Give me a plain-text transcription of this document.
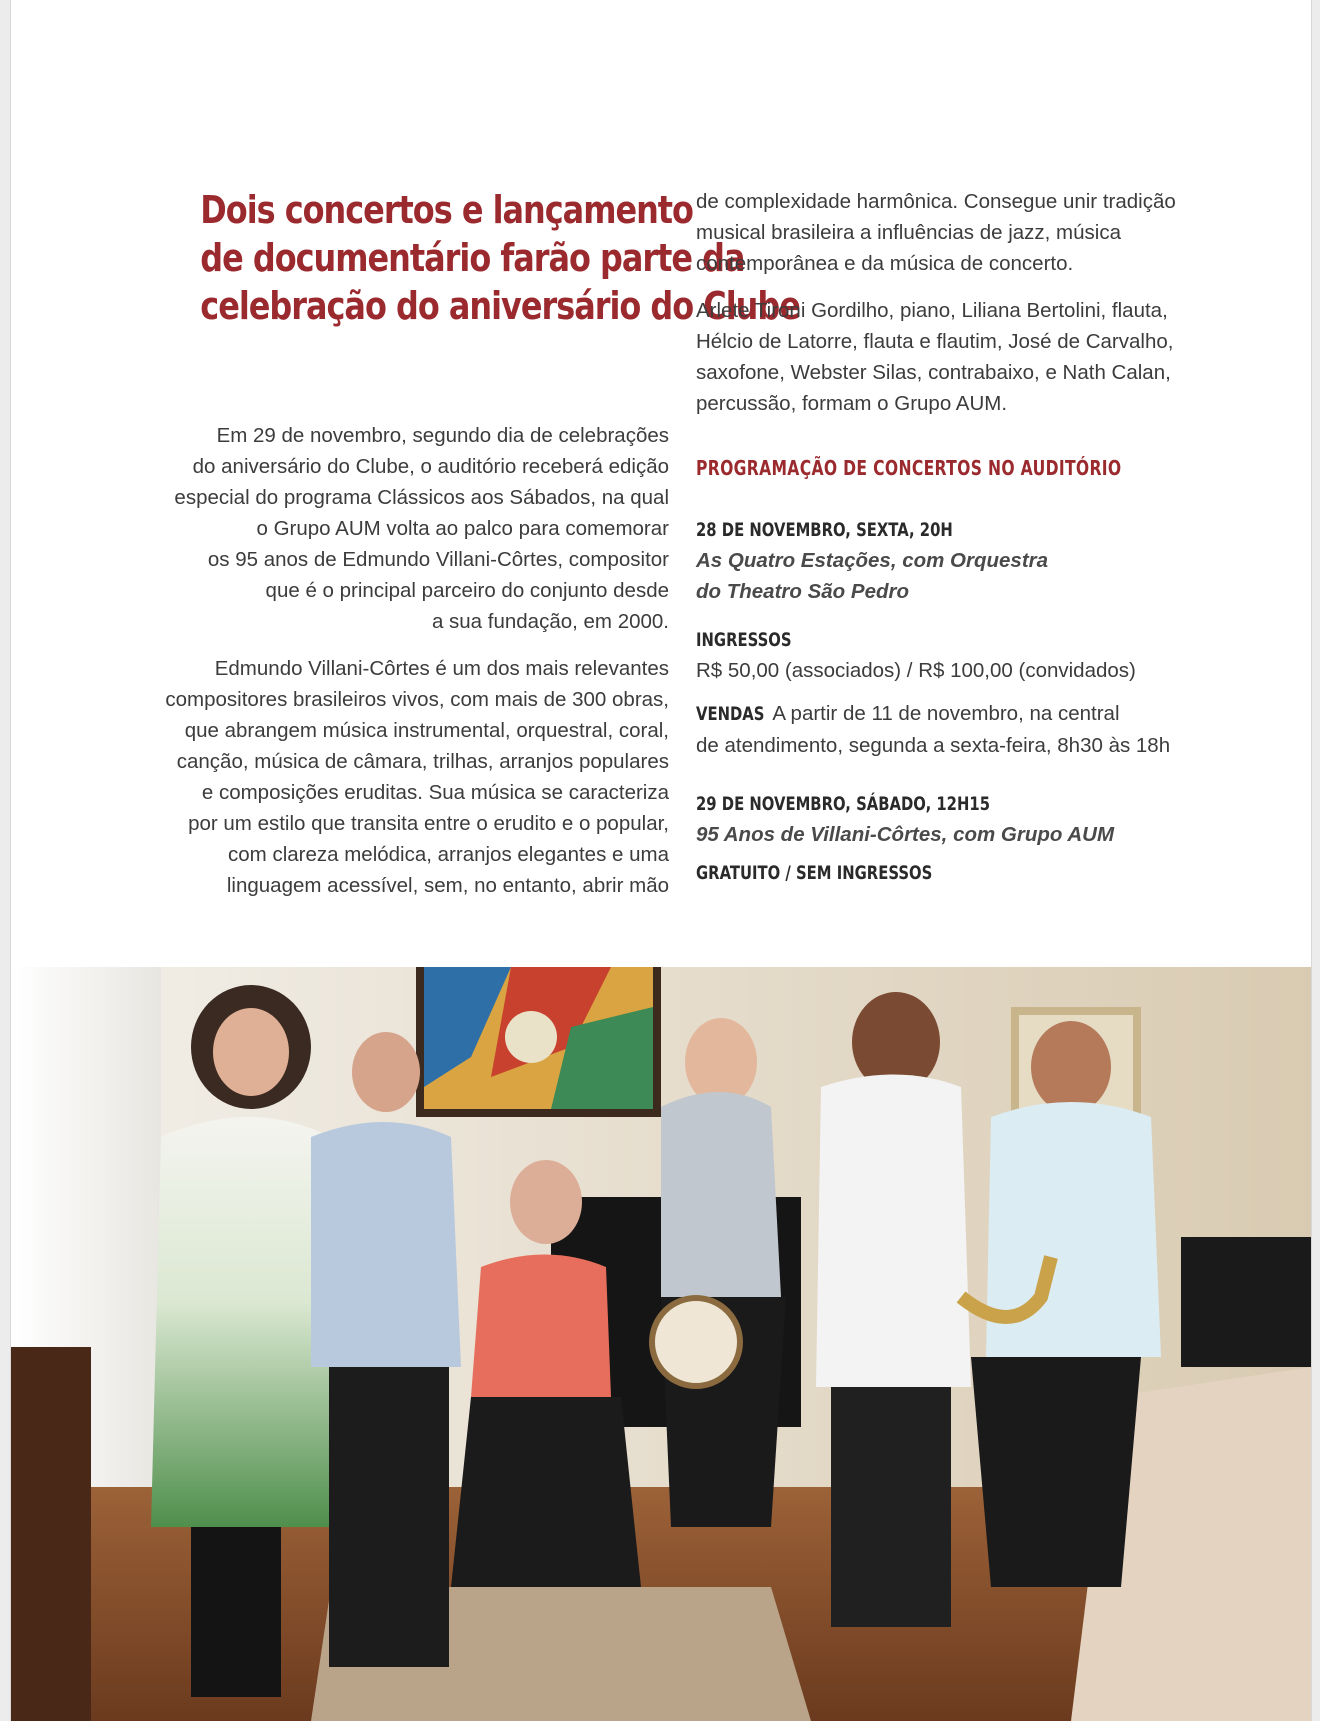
Dois concertos e lançamento
de documentário farão parte da
celebração do aniversário do Clube

Em 29 de novembro, segundo dia de celebrações
do aniversário do Clube, o auditório receberá edição
especial do programa Clássicos aos Sábados, na qual
o Grupo AUM volta ao palco para comemorar
os 95 anos de Edmundo Villani-Côrtes, compositor
que é o principal parceiro do conjunto desde
a sua fundação, em 2000.

Edmundo Villani-Côrtes é um dos mais relevantes
compositores brasileiros vivos, com mais de 300 obras,
que abrangem música instrumental, orquestral, coral,
canção, música de câmara, trilhas, arranjos populares
e composições eruditas. Sua música se caracteriza
por um estilo que transita entre o erudito e o popular,
com clareza melódica, arranjos elegantes e uma
linguagem acessível, sem, no entanto, abrir mão

de complexidade harmônica. Consegue unir tradição
musical brasileira a influências de jazz, música
contemporânea e da música de concerto.

Arlete Tironi Gordilho, piano, Liliana Bertolini, flauta,
Hélcio de Latorre, flauta e flautim, José de Carvalho,
saxofone, Webster Silas, contrabaixo, e Nath Calan,
percussão, formam o Grupo AUM.

PROGRAMAÇÃO DE CONCERTOS NO AUDITÓRIO
28 DE NOVEMBRO, SEXTA, 20H
As Quatro Estações, com Orquestra
do Theatro São Pedro
INGRESSOS
R$ 50,00 (associados) / R$ 100,00 (convidados)
VENDAS A partir de 11 de novembro, na central
de atendimento, segunda a sexta-feira, 8h30 às 18h
29 DE NOVEMBRO, SÁBADO, 12H15
95 Anos de Villani-Côrtes, com Grupo AUM
GRATUITO / SEM INGRESSOS
